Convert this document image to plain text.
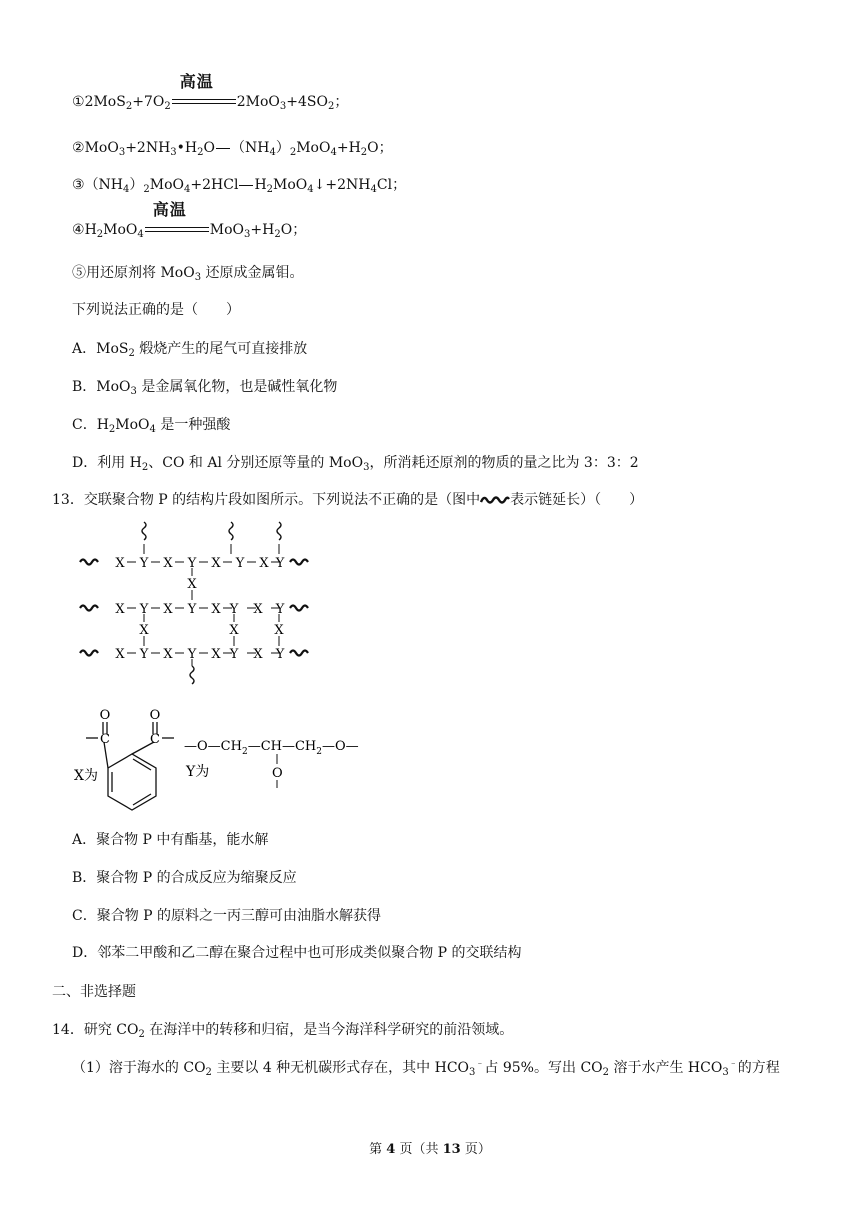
$①2MoS_2+7O_2$
高温
$2MoO_3+4SO_2$；
$②MoO_3+2NH_3•H_2O$ $(NH_4)_2MoO_4+H_2O$；
$③(NH_4)_2MoO_4+2HCl$ $H_2MoO_4↓+2NH_4Cl$；
$④H_2MoO_4$
高温
$MoO_3+H_2O$；
⑤用还原剂将 MoO$_3$ 还原成金属钼。
下列说法正确的是（　　）
A．MoS$_2$ 煅烧产生的尾气可直接排放
B．MoO$_3$ 是金属氧化物，也是碱性氧化物
C．$H_2MoO_4$ 是一种强酸
D．利用 $H_2$、CO 和 Al 分别还原等量的 MoO$_3$，所消耗还原剂的物质的量之比为 3：3：2
13．交联聚合物 P 的结构片段如图所示。下列说法不正确的是（图中 表示链延长）（　　）
X Y X Y X Y X Y
X Y X Y X Y X Y
X Y X Y X Y X Y
X
X	X	X
O	O
C	C
X为
$—O—CH_2—CH—CH_2—O—$
O
Y为
A．聚合物 P 中有酯基，能水解
B．聚合物 P 的合成反应为缩聚反应
C．聚合物 P 的原料之一丙三醇可由油脂水解获得
D．邻苯二甲酸和乙二醇在聚合过程中也可形成类似聚合物 P 的交联结构
二、非选择题
14．研究 $CO_2$ 在海洋中的转移和归宿，是当今海洋科学研究的前沿领域。
（1）溶于海水的 $CO_2$ 主要以 4 种无机碳形式存在，其中 $HCO_3^﹣$占 95%。写出 $CO_2$ 溶于水产生 $HCO_3^﹣$的方程
第 4 页（共 13 页）
